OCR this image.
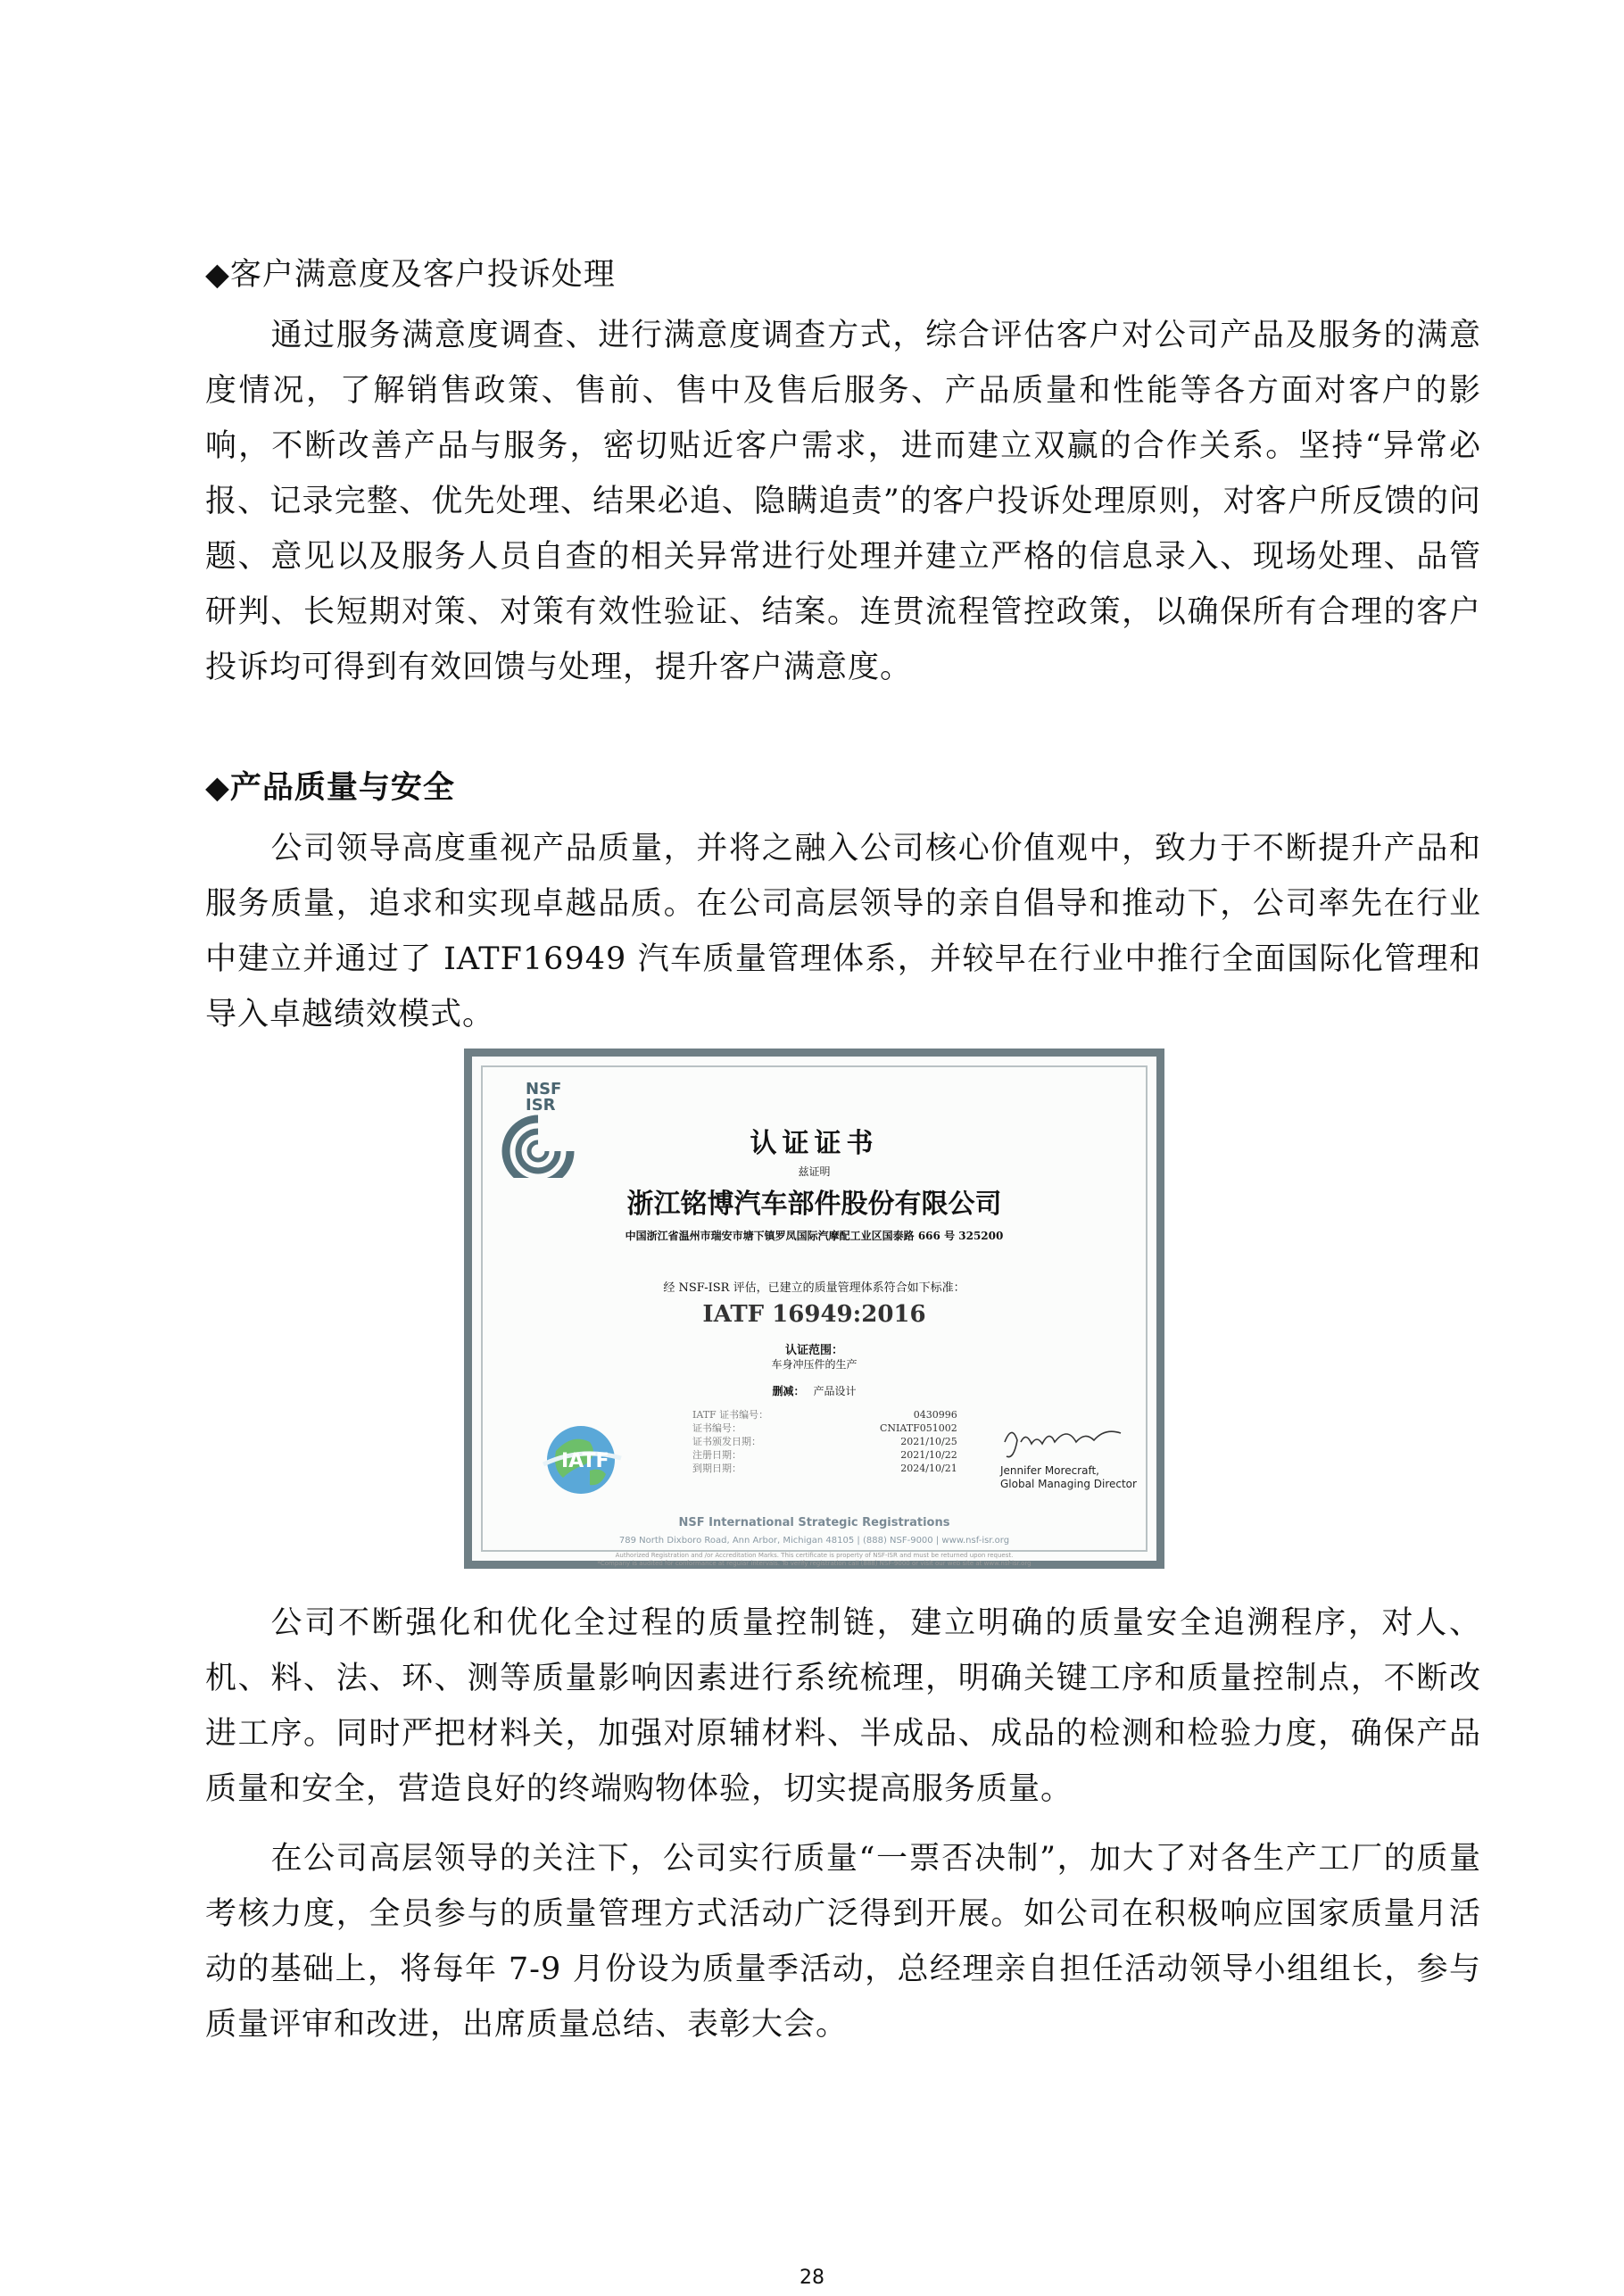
◆客户满意度及客户投诉处理
通过服务满意度调查、进行满意度调查方式，综合评估客户对公司产品及服务的满意度情况，了解销售政策、售前、售中及售后服务、产品质量和性能等各方面对客户的影响，不断改善产品与服务，密切贴近客户需求，进而建立双赢的合作关系。坚持“异常必报、记录完整、优先处理、结果必追、隐瞒追责”的客户投诉处理原则，对客户所反馈的问题、意见以及服务人员自查的相关异常进行处理并建立严格的信息录入、现场处理、品管研判、长短期对策、对策有效性验证、结案。连贯流程管控政策，以确保所有合理的客户投诉均可得到有效回馈与处理，提升客户满意度。
◆产品质量与安全
公司领导高度重视产品质量，并将之融入公司核心价值观中，致力于不断提升产品和服务质量，追求和实现卓越品质。在公司高层领导的亲自倡导和推动下，公司率先在行业中建立并通过了 IATF16949 汽车质量管理体系，并较早在行业中推行全面国际化管理和导入卓越绩效模式。
NSF
ISR
认证证书
兹证明
浙江铭博汽车部件股份有限公司
中国浙江省温州市瑞安市塘下镇罗凤国际汽摩配工业区国泰路 666 号 325200
经 NSF-ISR 评估，已建立的质量管理体系符合如下标准：
IATF 16949:2016
认证范围：
车身冲压件的生产
删减： 产品设计
IATF 证书编号：
证书编号：
证书颁发日期：
注册日期：
到期日期：
0430996
CNIATF051002
2021/10/25
2021/10/22
2024/10/21
IATF	Jennifer Morecraft,
Global Managing Director
NSF International Strategic Registrations
789 North Dixboro Road, Ann Arbor, Michigan 48105 | (888) NSF-9000 | www.nsf-isr.org
Authorized Registration and /or Accreditation Marks. This certificate is property of NSF-ISR and must be returned upon request.
*Company is audited for conformance at regular intervals. To verify registration call (888) NSF-9000 or visit our web site at www.nsf-isr.org
公司不断强化和优化全过程的质量控制链，建立明确的质量安全追溯程序，对人、机、料、法、环、测等质量影响因素进行系统梳理，明确关键工序和质量控制点，不断改进工序。同时严把材料关，加强对原辅材料、半成品、成品的检测和检验力度，确保产品质量和安全，营造良好的终端购物体验，切实提高服务质量。
在公司高层领导的关注下，公司实行质量“一票否决制”，加大了对各生产工厂的质量考核力度，全员参与的质量管理方式活动广泛得到开展。如公司在积极响应国家质量月活动的基础上，将每年 7-9 月份设为质量季活动，总经理亲自担任活动领导小组组长，参与质量评审和改进，出席质量总结、表彰大会。
28
